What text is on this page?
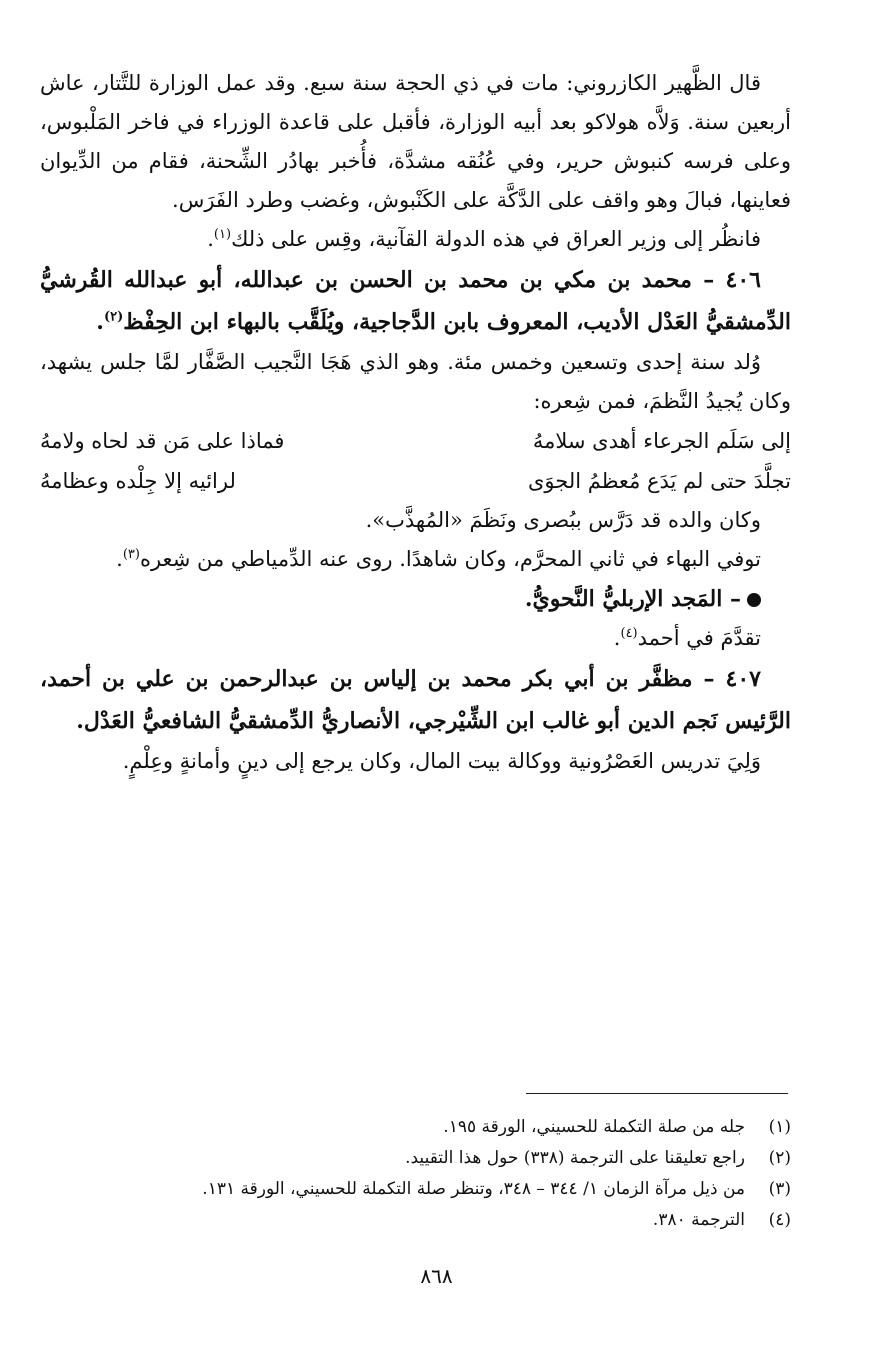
قال الظَّهير الكازروني: مات في ذي الحجة سنة سبع. وقد عمل الوزارة للتَّتار، عاش أربعين سنة. وَلاَّه هولاكو بعد أبيه الوزارة، فأقبل على قاعدة الوزراء في فاخر المَلْبوس، وعلى فرسه كنبوش حرير، وفي عُنُقه مشدَّة، فأُخبر بهادُر الشِّحنة، فقام من الدِّيوان فعاينها، فبالَ وهو واقف على الدَّكَّة على الكَنْبوش، وغضب وطرد الفَرَس.

فانظُر إلى وزير العراق في هذه الدولة القآنية، وقِس على ذلك$^{(١)}$.

٤٠٦ – محمد بن مكي بن محمد بن الحسن بن عبدالله، أبو عبدالله القُرشيُّ الدِّمشقيُّ العَدْل الأديب، المعروف بابن الدَّجاجية، ويُلَقَّب بالبهاء ابن الحِفْظ$^{(٢)}$.

وُلد سنة إحدى وتسعين وخمس مئة. وهو الذي هَجَا النَّجيب الصَّفَّار لمَّا جلس يشهد، وكان يُجيدُ النَّظمَ، فمن شِعره:

إلى سَلَم الجرعاء أهدى سلامهُ
فماذا على مَن قد لحاه ولامهُ
تجلَّدَ حتى لم يَدَع مُعظمُ الجوَى
لرائيه إلا جِلْده وعظامهُ

وكان والده قد دَرَّس ببُصرى ونَظَمَ «المُهذَّب».

توفي البهاء في ثاني المحرَّم، وكان شاهدًا. روى عنه الدِّمياطي من شِعره$^{(٣)}$.

– المَجد الإربليُّ النَّحويُّ.

تقدَّمَ في أحمد$^{(٤)}$.

٤٠٧ – مظفَّر بن أبي بكر محمد بن إلياس بن عبدالرحمن بن علي بن أحمد، الرَّئيس نَجم الدين أبو غالب ابن الشِّيْرجي، الأنصاريُّ الدِّمشقيُّ الشافعيُّ العَدْل.

وَلِيَ تدريس العَصْرُونية ووكالة بيت المال، وكان يرجع إلى دينٍ وأمانةٍ وعِلْمٍ.

(١)جله من صلة التكملة للحسيني، الورقة ١٩٥.

(٢)راجع تعليقنا على الترجمة (٣٣٨) حول هذا التقييد.

(٣)من ذيل مرآة الزمان ١/ ٣٤٤ – ٣٤٨، وتنظر صلة التكملة للحسيني، الورقة ١٣١.

(٤)الترجمة ٣٨٠.

٨٦٨
